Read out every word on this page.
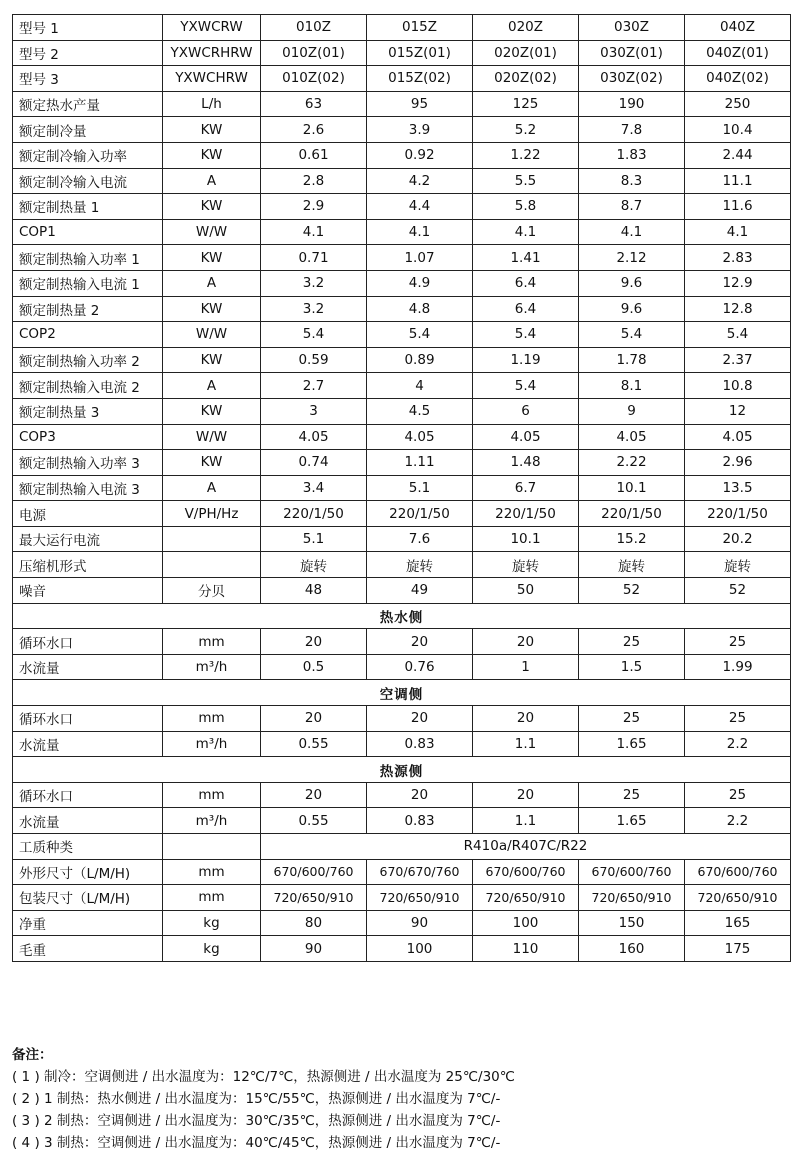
型号 1	YXWCRW	010Z	015Z	020Z	030Z	040Z
型号 2	YXWCRHRW	010Z(01)	015Z(01)	020Z(01)	030Z(01)	040Z(01)
型号 3	YXWCHRW	010Z(02)	015Z(02)	020Z(02)	030Z(02)	040Z(02)
额定热水产量	L/h	63	95	125	190	250
额定制冷量	KW	2.6	3.9	5.2	7.8	10.4
额定制冷输入功率	KW	0.61	0.92	1.22	1.83	2.44
额定制冷输入电流	A	2.8	4.2	5.5	8.3	11.1
额定制热量 1	KW	2.9	4.4	5.8	8.7	11.6
COP1	W/W	4.1	4.1	4.1	4.1	4.1
额定制热输入功率 1	KW	0.71	1.07	1.41	2.12	2.83
额定制热输入电流 1	A	3.2	4.9	6.4	9.6	12.9
额定制热量 2	KW	3.2	4.8	6.4	9.6	12.8
COP2	W/W	5.4	5.4	5.4	5.4	5.4
额定制热输入功率 2	KW	0.59	0.89	1.19	1.78	2.37
额定制热输入电流 2	A	2.7	4	5.4	8.1	10.8
额定制热量 3	KW	3	4.5	6	9	12
COP3	W/W	4.05	4.05	4.05	4.05	4.05
额定制热输入功率 3	KW	0.74	1.11	1.48	2.22	2.96
额定制热输入电流 3	A	3.4	5.1	6.7	10.1	13.5
电源	V/PH/Hz	220/1/50	220/1/50	220/1/50	220/1/50	220/1/50
最大运行电流		5.1	7.6	10.1	15.2	20.2
压缩机形式		旋转	旋转	旋转	旋转	旋转
噪音	分贝	48	49	50	52	52
热水侧						
循环水口	mm	20	20	20	25	25
水流量	m³/h	0.5	0.76	1	1.5	1.99
空调侧						
循环水口	mm	20	20	20	25	25
水流量	m³/h	0.55	0.83	1.1	1.65	2.2
热源侧						
循环水口	mm	20	20	20	25	25
水流量	m³/h	0.55	0.83	1.1	1.65	2.2
工质种类		R410a/R407C/R22				
外形尺寸（L/M/H)	mm	670/600/760	670/670/760	670/600/760	670/600/760	670/600/760
包装尺寸（L/M/H)	mm	720/650/910	720/650/910	720/650/910	720/650/910	720/650/910
净重	kg	80	90	100	150	165
毛重	kg	90	100	110	160	175
备注：
( 1 ) 制冷：空调侧进 / 出水温度为：12℃/7℃，热源侧进 / 出水温度为 25℃/30℃
( 2 ) 1 制热：热水侧进 / 出水温度为：15℃/55℃，热源侧进 / 出水温度为 7℃/-
( 3 ) 2 制热：空调侧进 / 出水温度为：30℃/35℃，热源侧进 / 出水温度为 7℃/-
( 4 ) 3 制热：空调侧进 / 出水温度为：40℃/45℃，热源侧进 / 出水温度为 7℃/-
